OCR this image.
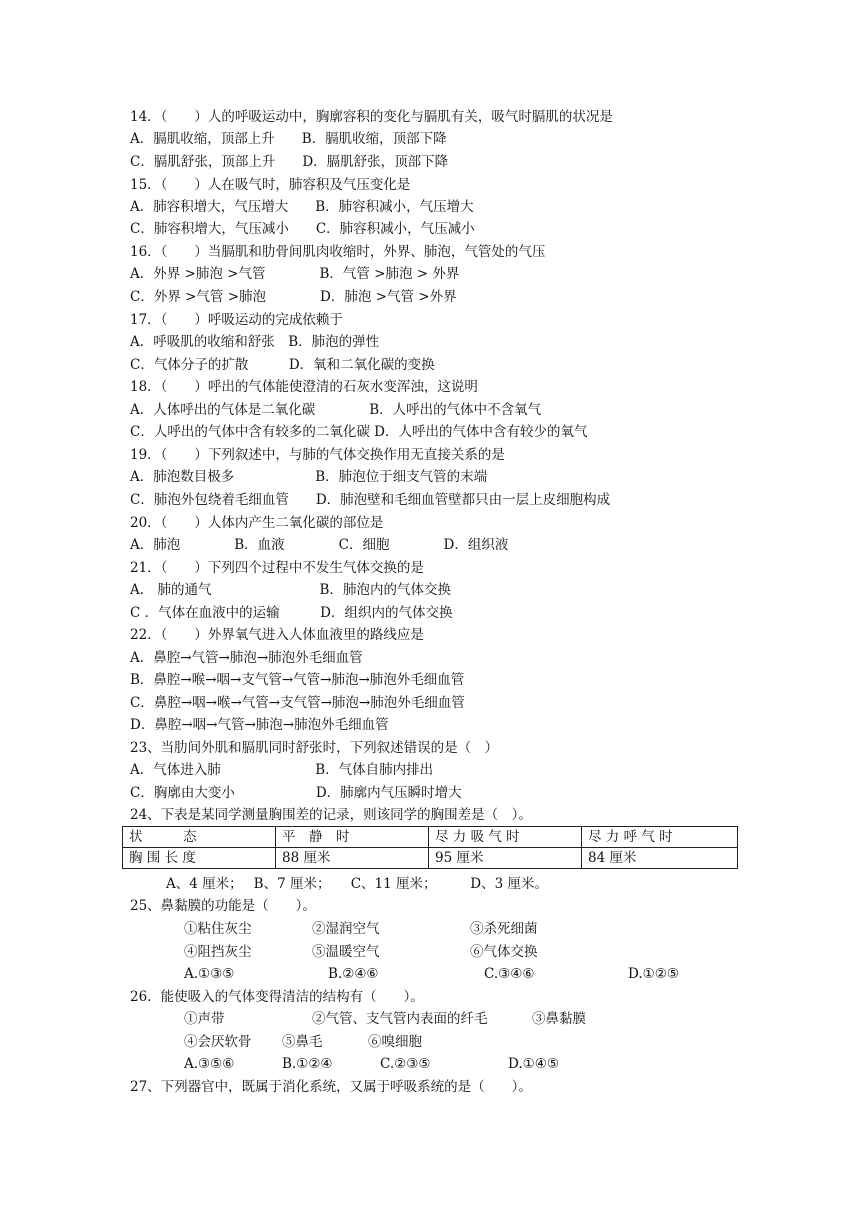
14．（　　）人的呼吸运动中，胸廓容积的变化与膈肌有关，吸气时膈肌的状况是
A．膈肌收缩，顶部上升　　B．膈肌收缩，顶部下降
C．膈肌舒张，顶部上升　　D．膈肌舒张，顶部下降
15．（　　）人在吸气时，肺容积及气压变化是
A．肺容积增大，气压增大　　B．肺容积减小，气压增大
C．肺容积增大，气压减小　　C．肺容积减小，气压减小
16．（　　）当膈肌和肋骨间肌肉收缩时，外界、肺泡，气管处的气压
A．外界 >肺泡 >气管　　　　B．气管 >肺泡 > 外界
C．外界 >气管 >肺泡　　　　D．肺泡 >气管 >外界
17．（　　）呼吸运动的完成依赖于
A．呼吸肌的收缩和舒张　B．肺泡的弹性
C．气体分子的扩散　　　D．氧和二氧化碳的变换
18．（　　）呼出的气体能使澄清的石灰水变浑浊，这说明
A．人体呼出的气体是二氧化碳　　　　B．人呼出的气体中不含氧气
C．人呼出的气体中含有较多的二氧化碳 D．人呼出的气体中含有较少的氧气
19．（　　）下列叙述中，与肺的气体交换作用无直接关系的是
A．肺泡数目极多　　　　　　B．肺泡位于细支气管的末端
C．肺泡外包绕着毛细血管　　D．肺泡壁和毛细血管壁都只由一层上皮细胞构成
20．（　　）人体内产生二氧化碳的部位是
A．肺泡　　　　B．血液　　　　C．细胞　　　　D．组织液
21．（　　）下列四个过程中不发生气体交换的是
A． 肺的通气　　　　　　　　B．肺泡内的气体交换
C ．气体在血液中的运输　　　D．组织内的气体交换
22．（　　）外界氧气进入人体血液里的路线应是
A．鼻腔→气管→肺泡→肺泡外毛细血管
B．鼻腔→喉→咽→支气管→气管→肺泡→肺泡外毛细血管
C．鼻腔→咽→喉→气管→支气管→肺泡→肺泡外毛细血管
D．鼻腔→咽→气管→肺泡→肺泡外毛细血管
23、当肋间外肌和膈肌同时舒张时，下列叙述错误的是（　）
A．气体进入肺　　　　　　　B．气体自肺内排出
C．胸廓由大变小　　　　　　D．肺廓内气压瞬时增大
24、下表是某同学测量胸围差的记录，则该同学的胸围差是（　）。
状　　　态	平　静　时	尽 力 吸 气 时	尽 力 呼 气 时
胸 围 长 度	88 厘米	95 厘米	84 厘米
A、4 厘米；　 B、7 厘米；　　C、11 厘米；　　　D、3 厘米。
25、鼻黏膜的功能是（　　）。
①粘住灰尘	②湿润空气	③杀死细菌
④阻挡灰尘	⑤温暖空气	⑥气体交换
A.①③⑤	B.②④⑥	C.③④⑥	D.①②⑤
26．能使吸入的气体变得清洁的结构有（　　）。
①声带	②气管、支气管内表面的纤毛	③鼻黏膜
④会厌软骨 ⑤鼻毛	⑥嗅细胞
A.③⑤⑥	B.①②④	C.②③⑤	D.①④⑤
27、下列器官中，既属于消化系统，又属于呼吸系统的是（　　）。
